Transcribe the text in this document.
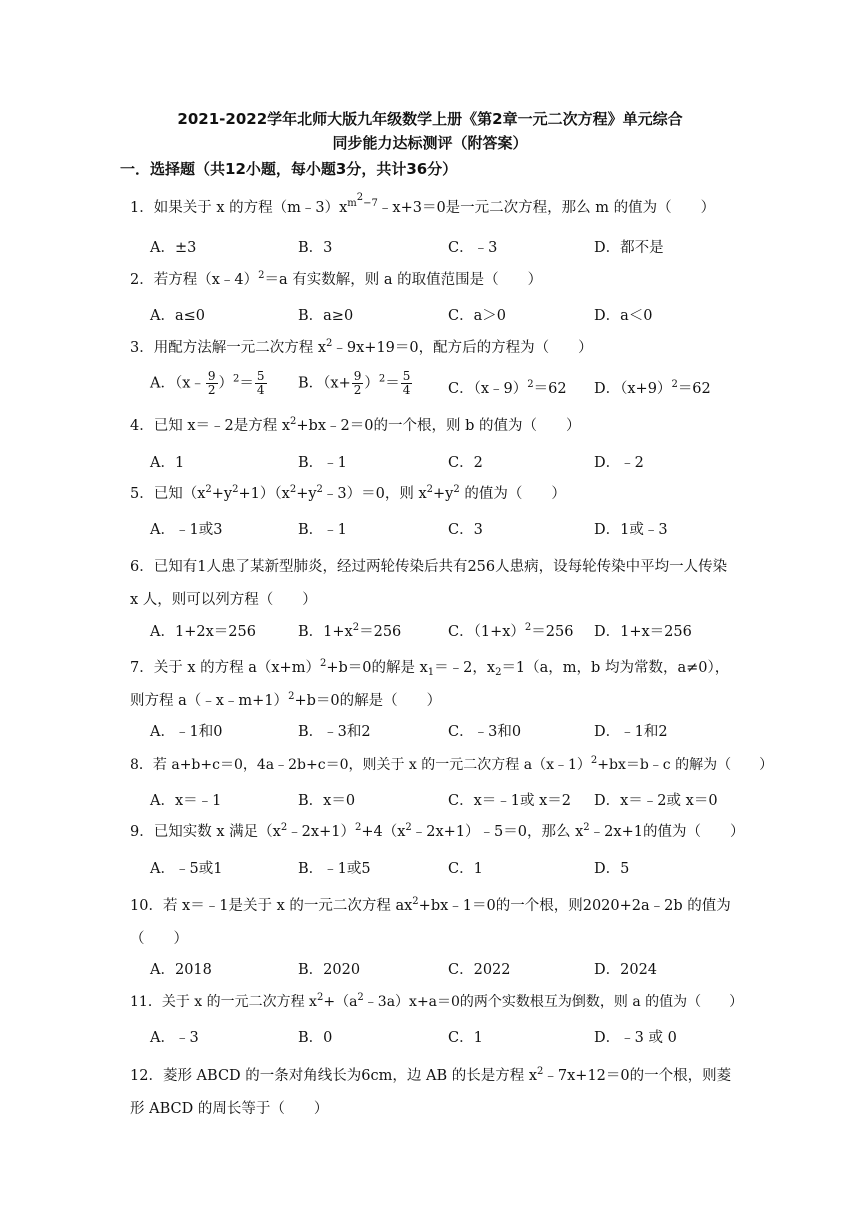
2021-2022学年北师大版九年级数学上册《第2章一元二次方程》单元综合
同步能力达标测评（附答案）
一．选择题（共12小题，每小题3分，共计36分）
1．如果关于 x 的方程$(m﹣3)x^{m^2-7}﹣x+3=0$是一元二次方程，那么 m 的值为（　　）
A．±3	B．3	C．﹣3	D．都不是
2．若方程（x﹣4）$^2$＝a 有实数解，则 a 的取值范围是（　　）
A．a≤0	B．a≥0	C．a＞0	D．a＜0
3．用配方法解一元二次方程 $x^2﹣9x+19=0$，配方后的方程为（　　）
A．（x﹣ $\frac{9}{2} )^2= \frac{5}{4}$ B．$(x+ \frac{9}{2} )^2= \frac{5}{4}$ C．（x﹣9）$^2$＝62 D．$(x+9)^2=62$
4．已知 x＝﹣2是方程 $x^2+bx﹣2=0$的一个根，则 b 的值为（　　）
A．1	B．﹣1	C．2	D．﹣2
5．已知$(x^2+y^2+1)(x^2+y^2﹣3)=0$，则 $x^2+y^2$ 的值为（　　）
A．﹣1或3	B．﹣1	C．3	D．1或﹣3
6．已知有1人患了某新型肺炎，经过两轮传染后共有256人患病，设每轮传染中平均一人传染 x 人，则可以列方程（　　）
A．1+2x＝256	B．$1+x^2=256$	C．$(1+x)^2=256$ D．1+x＝256
7．关于 x 的方程 $a(x+m)^2+b=0$的解是 $x_1=﹣2$，$x_2=1(a$，m，b 均为常数，a≠0），则方程 a（﹣x﹣m+1）$^2$+b＝0的解是（　　）
A．﹣1和0	B．﹣3和2	C．﹣3和0	D．﹣1和2
8．若 a+b+c＝0，4a﹣2b+c＝0，则关于 x 的一元二次方程 a（x﹣1）$^2$+bx＝b﹣c 的解为（　　）
A．x＝﹣1	B．x＝0	C．x＝﹣1或 x＝2 D．x＝﹣2或 x＝0
9．已知实数 x 满足$(x^2﹣2x+1)^2+4(x^2﹣2x+1)﹣5=0$，那么 $x^2﹣2x+1$的值为（　　）
A．﹣5或1	B．﹣1或5	C．1	D．5
10．若 x＝﹣1是关于 x 的一元二次方程 $ax^2+bx﹣1=0$的一个根，则2020+2a﹣2b 的值为（　　）
A．2018	B．2020	C．2022	D．2024
11．关于 x 的一元二次方程 $x^2+(a^2﹣3a)x+a=0$的两个实数根互为倒数，则 a 的值为（　　）
A．﹣3	B．0	C．1	D．﹣3 或 0
12．菱形 ABCD 的一条对角线长为6cm，边 AB 的长是方程 $x^2﹣7x+12=0$的一个根，则菱形 ABCD 的周长等于（　　）
